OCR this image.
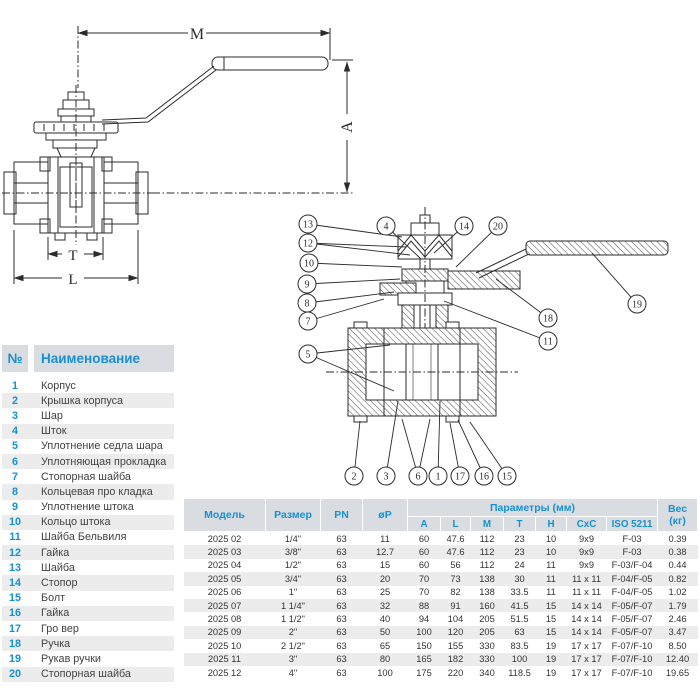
M
A
T
L
13
12
10
9
8
7
5
4	14 20
19
18
11
2	3	6 1 17 16 15
№	Наименование
1	Корпус
2	Крышка корпуса
3	Шар
4	Шток
5	Уплотнение седла шара
6	Уплотняющая прокладка
7	Стопорная шайба
8	Кольцевая про кладка
9	Уплотнение штока
10	Кольцо штока
11	Шайба Бельвиля
12	Гайка
13	Шайба
14	Стопор
15	Болт
16	Гайка
17	Гро вер
18	Ручка
19	Рукав ручки
20	Стопорная шайба
Модель	Размер	PN	øP	Параметры (мм)							Вес
(кг)

				A	L	M	T	H	CxC	ISO 5211	
2025 02	1/4"	63	11	60	47.6	112	23	10	9x9	F-03	0.39
2025 03	3/8"	63	12.7	60	47.6	112	23	10	9x9	F-03	0.38
2025 04	1/2"	63	15	60	56	112	24	11	9x9	F-03/F-04	0.44
2025 05	3/4"	63	20	70	73	138	30	11	11 x 11	F-04/F-05	0.82
2025 06	1"	63	25	70	82	138	33.5	11	11 x 11	F-04/F-05	1.02
2025 07	1 1/4"	63	32	88	91	160	41.5	15	14 x 14	F-05/F-07	1.79
2025 08	1 1/2"	63	40	94	104	205	51.5	15	14 x 14	F-05/F-07	2.46
2025 09	2"	63	50	100	120	205	63	15	14 x 14	F-05/F-07	3.47
2025 10	2 1/2"	63	65	150	155	330	83.5	19	17 x 17	F-07/F-10	8.50
2025 11	3"	63	80	165	182	330	100	19	17 x 17	F-07/F-10	12.40
2025 12	4"	63	100	175	220	340	118.5	19	17 x 17	F-07/F-10	19.65
